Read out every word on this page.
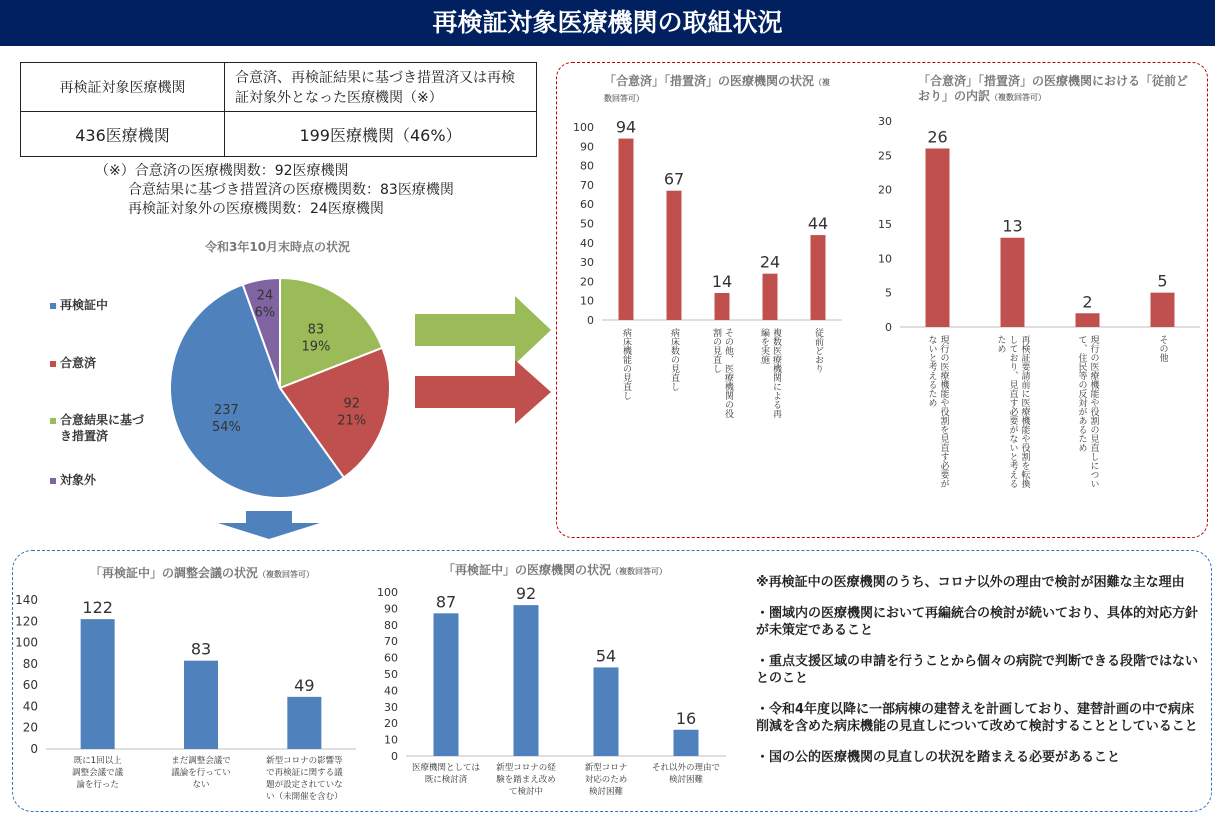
再検証対象医療機関の取組状況
再検証対象医療機関	合意済、再検証結果に基づき措置済又は再検
証対象外となった医療機関（※）

436医療機関	199医療機関（46%）
（※）合意済の医療機関数：92医療機関
合意結果に基づき措置済の医療機関数：83医療機関
再検証対象外の医療機関数：24医療機関
令和3年10月末時点の状況
再検証中
合意済
合意結果に基づ
き措置済
対象外
83
19%
92
21%
237
54%
24
6%
「合意済」「措置済」の医療機関の状況（複
数回答可）
「合意済」「措置済」の医療機関における「従前ど
おり」の内訳（複数回答可）
0
10
20
30
40
50
60
70
80
90
100 94
病床機能の見直し
67
病床数の見直し
14
その他、医療機関の役
割の見直し
24
複数医療機関による再
編を実施
44
従前どおり
0
5
10
15
20
25
30
26
現行の医療機能や役割を見直す必要が
ないと考えるため
13
再検証要請前に医療機能や役割を転換
しており、見直す必要がないと考える
ため
2
現行の医療機能や役割の見直しについ
て、住民等の反対があるため
5
その他
「再検証中」の調整会議の状況（複数回答可）	「再検証中」の医療機関の状況（複数回答可）
0
20
40
60
80
100
120
140	122
既に1回以上
調整会議で議
論を行った
83
まだ調整会議で
議論を行ってい
ない
49
新型コロナの影響等
で再検証に関する議
題が設定されていな
い（未開催を含む）
0
10
20
30
40
50
60
70
80
90
100 87
医療機関としては
既に検討済
92
新型コロナの経
験を踏まえ改め
て検討中
54
新型コロナ
対応のため
検討困難
16
それ以外の理由で
検討困難
※再検証中の医療機関のうち、コロナ以外の理由で検討が困難な主な理由
・圏域内の医療機関において再編統合の検討が続いており、具体的対応方針が未策定であること
・重点支援区域の申請を行うことから個々の病院で判断できる段階ではないとのこと
・令和4年度以降に一部病棟の建替えを計画しており、建替計画の中で病床削減を含めた病床機能の見直しについて改めて検討することとしていること
・国の公的医療機関の見直しの状況を踏まえる必要があること
